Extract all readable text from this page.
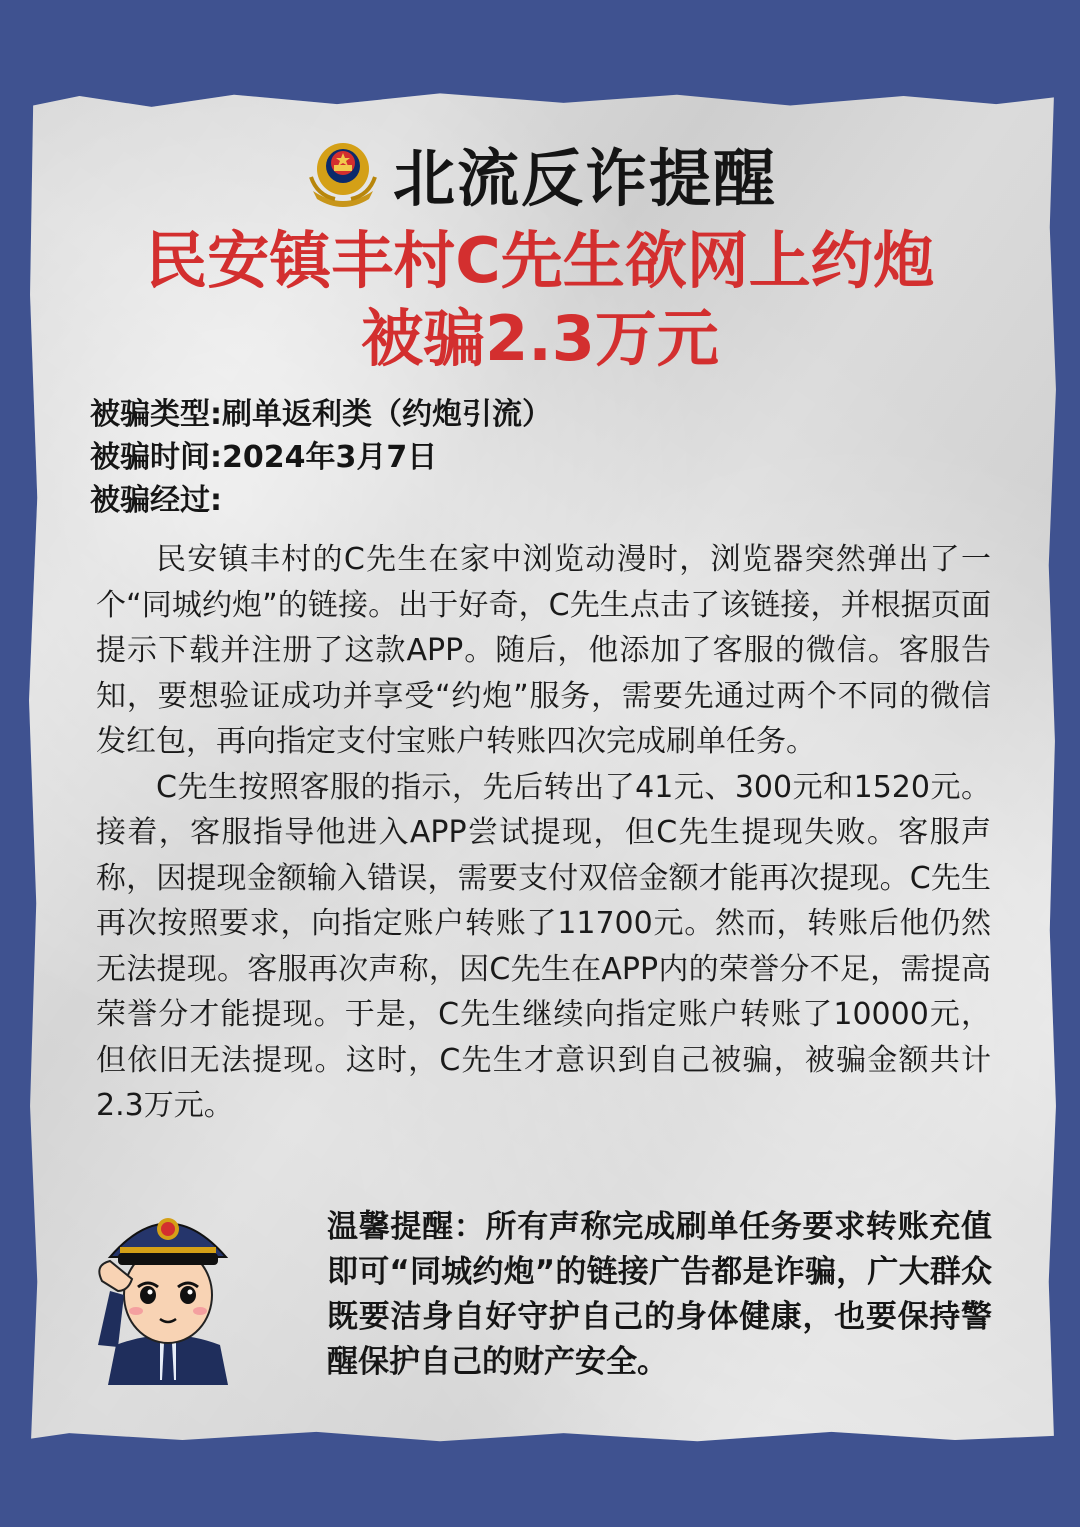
北流反诈提醒
民安镇丰村C先生欲网上约炮
被骗2.3万元
被骗类型:刷单返利类（约炮引流）
被骗时间:2024年3月7日
被骗经过:

民安镇丰村的C先生在家中浏览动漫时，浏览器突然弹出了一个“同城约炮”的链接。出于好奇，C先生点击了该链接，并根据页面提示下载并注册了这款APP。随后，他添加了客服的微信。客服告知，要想验证成功并享受“约炮”服务，需要先通过两个不同的微信发红包，再向指定支付宝账户转账四次完成刷单任务。

C先生按照客服的指示，先后转出了41元、300元和1520元。接着，客服指导他进入APP尝试提现，但C先生提现失败。客服声称，因提现金额输入错误，需要支付双倍金额才能再次提现。C先生再次按照要求，向指定账户转账了11700元。然而，转账后他仍然无法提现。客服再次声称，因C先生在APP内的荣誉分不足，需提高荣誉分才能提现。于是，C先生继续向指定账户转账了10000元，但依旧无法提现。这时，C先生才意识到自己被骗，被骗金额共计2.3万元。

温馨提醒：所有声称完成刷单任务要求转账充值即可“同城约炮”的链接广告都是诈骗，广大群众既要洁身自好守护自己的身体健康，也要保持警醒保护自己的财产安全。
